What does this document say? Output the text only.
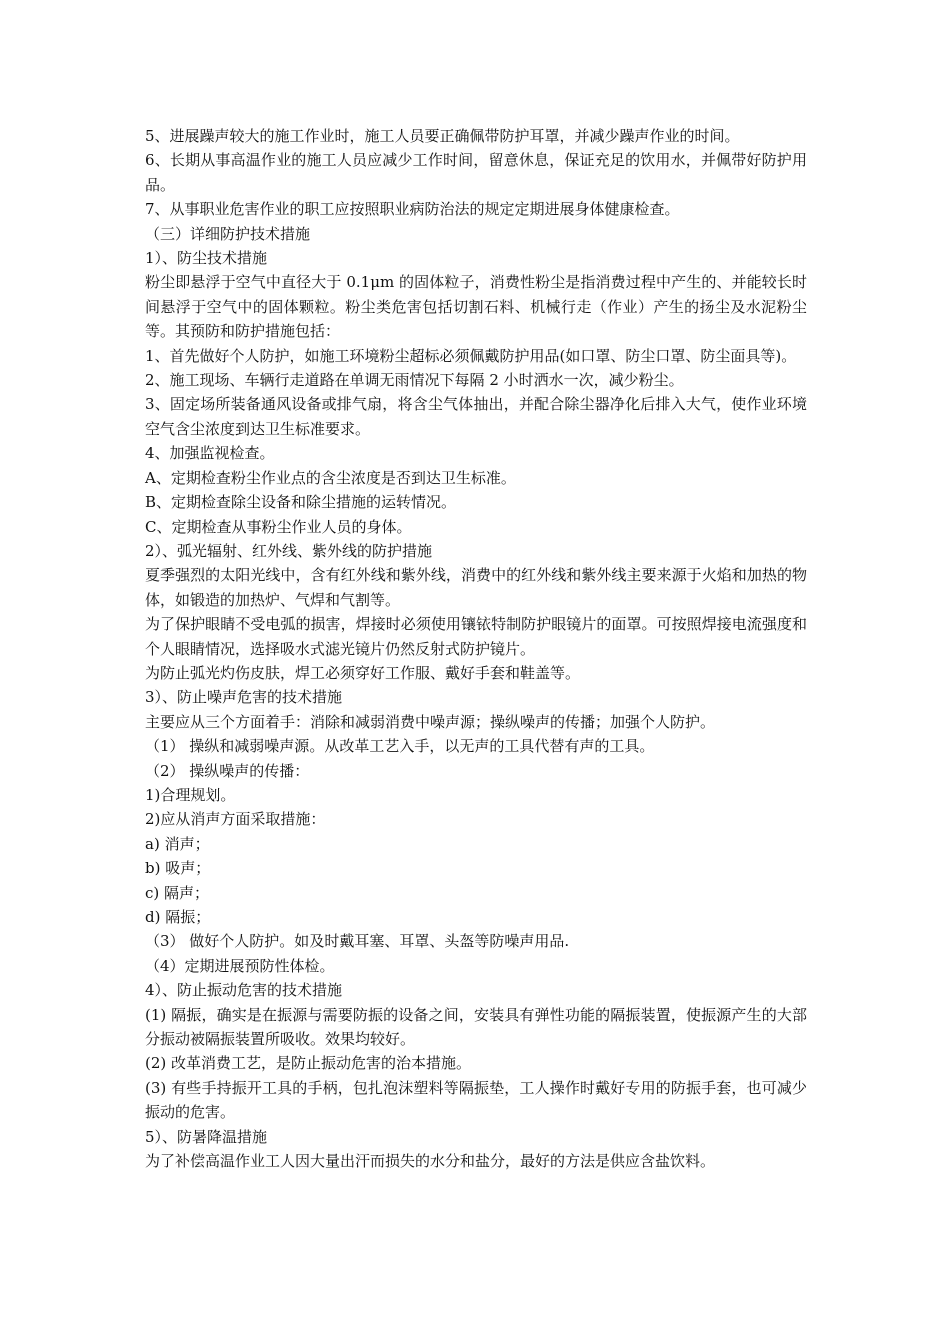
5、进展躁声较大的施工作业时，施工人员要正确佩带防护耳罩，并减少躁声作业的时间。

6、长期从事高温作业的施工人员应减少工作时间，留意休息，保证充足的饮用水，并佩带好防护用品。

7、从事职业危害作业的职工应按照职业病防治法的规定定期进展身体健康检查。

（三）详细防护技术措施

1）、防尘技术措施

粉尘即悬浮于空气中直径大于 0.1μm 的固体粒子，消费性粉尘是指消费过程中产生的、并能较长时间悬浮于空气中的固体颗粒。粉尘类危害包括切割石料、机械行走（作业）产生的扬尘及水泥粉尘等。其预防和防护措施包括：

1、首先做好个人防护，如施工环境粉尘超标必须佩戴防护用品(如口罩、防尘口罩、防尘面具等)。

2、施工现场、车辆行走道路在单调无雨情况下每隔 2 小时洒水一次，减少粉尘。

3、固定场所装备通风设备或排气扇，将含尘气体抽出，并配合除尘器净化后排入大气，使作业环境空气含尘浓度到达卫生标准要求。

4、加强监视检查。

A、定期检查粉尘作业点的含尘浓度是否到达卫生标准。

B、定期检查除尘设备和除尘措施的运转情况。

C、定期检查从事粉尘作业人员的身体。

2）、弧光辐射、红外线、紫外线的防护措施

夏季强烈的太阳光线中，含有红外线和紫外线，消费中的红外线和紫外线主要来源于火焰和加热的物体，如锻造的加热炉、气焊和气割等。

为了保护眼睛不受电弧的损害，焊接时必须使用镶铱特制防护眼镜片的面罩。可按照焊接电流强度和个人眼睛情况，选择吸水式滤光镜片仍然反射式防护镜片。

为防止弧光灼伤皮肤，焊工必须穿好工作服、戴好手套和鞋盖等。

3）、防止噪声危害的技术措施

主要应从三个方面着手：消除和减弱消费中噪声源；操纵噪声的传播；加强个人防护。

（1） 操纵和减弱噪声源。从改革工艺入手，以无声的工具代替有声的工具。

（2） 操纵噪声的传播：

1)合理规划。

2)应从消声方面采取措施：

a) 消声；

b) 吸声；

c) 隔声；

d) 隔振；

（3） 做好个人防护。如及时戴耳塞、耳罩、头盔等防噪声用品.

（4）定期进展预防性体检。

4）、防止振动危害的技术措施

(1) 隔振，确实是在振源与需要防振的设备之间，安装具有弹性功能的隔振装置，使振源产生的大部分振动被隔振装置所吸收。效果均较好。

(2) 改革消费工艺，是防止振动危害的治本措施。

(3) 有些手持振开工具的手柄，包扎泡沫塑料等隔振垫，工人操作时戴好专用的防振手套，也可减少振动的危害。

5）、防暑降温措施

为了补偿高温作业工人因大量出汗而损失的水分和盐分，最好的方法是供应含盐饮料。
